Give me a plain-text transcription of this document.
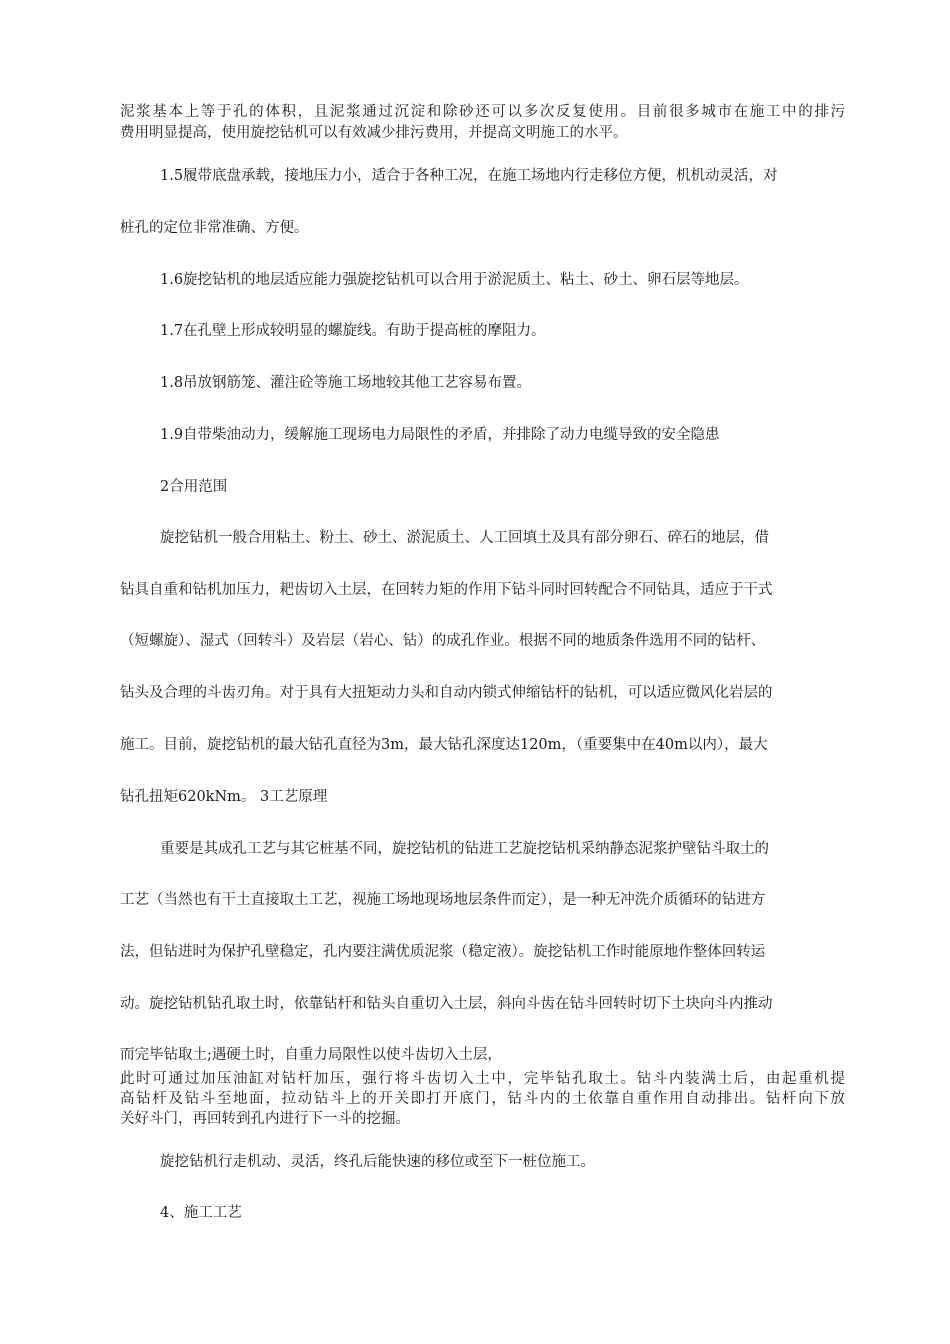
泥浆基本上等于孔的体积，且泥浆通过沉淀和除砂还可以多次反复使用。目前很多城市在施工中的排污
费用明显提高，使用旋挖钻机可以有效减少排污费用，并提高文明施工的水平。
1.5履带底盘承载，接地压力小，适合于各种工况，在施工场地内行走移位方便，机机动灵活，对
桩孔的定位非常准确、方便。
1.6旋挖钻机的地层适应能力强旋挖钻机可以合用于淤泥质土、粘土、砂土、卵石层等地层。
1.7在孔壁上形成较明显的螺旋线。有助于提高桩的摩阻力。
1.8吊放钢筋笼、灌注砼等施工场地较其他工艺容易布置。
1.9自带柴油动力，缓解施工现场电力局限性的矛盾，并排除了动力电缆导致的安全隐患
2合用范围
旋挖钻机一般合用粘土、粉土、砂土、淤泥质土、人工回填土及具有部分卵石、碎石的地层，借
钻具自重和钻机加压力，耙齿切入土层，在回转力矩的作用下钻斗同时回转配合不同钻具，适应于干式
（短螺旋）、湿式（回转斗）及岩层（岩心、钻）的成孔作业。根据不同的地质条件选用不同的钻杆、
钻头及合理的斗齿刃角。对于具有大扭矩动力头和自动内锁式伸缩钻杆的钻机，可以适应微风化岩层的
施工。目前，旋挖钻机的最大钻孔直径为3m，最大钻孔深度达120m，（重要集中在40m以内），最大
钻孔扭矩620kNm。 3工艺原理
重要是其成孔工艺与其它桩基不同，旋挖钻机的钻进工艺旋挖钻机采纳静态泥浆护壁钻斗取土的
工艺（当然也有干土直接取土工艺，视施工场地现场地层条件而定），是一种无冲洗介质循环的钻进方
法，但钻进时为保护孔壁稳定，孔内要注满优质泥浆（稳定液）。旋挖钻机工作时能原地作整体回转运
动。旋挖钻机钻孔取土时，依靠钻杆和钻头自重切入土层，斜向斗齿在钻斗回转时切下土块向斗内推动
而完毕钻取土;遇硬土时，自重力局限性以使斗齿切入土层，
此时可通过加压油缸对钻杆加压，强行将斗齿切入土中，完毕钻孔取土。钻斗内装满土后，由起重机提
高钻杆及钻斗至地面，拉动钻斗上的开关即打开底门，钻斗内的土依靠自重作用自动排出。钻杆向下放
关好斗门，再回转到孔内进行下一斗的挖掘。
旋挖钻机行走机动、灵活，终孔后能快速的移位或至下一桩位施工。
4、施工工艺
